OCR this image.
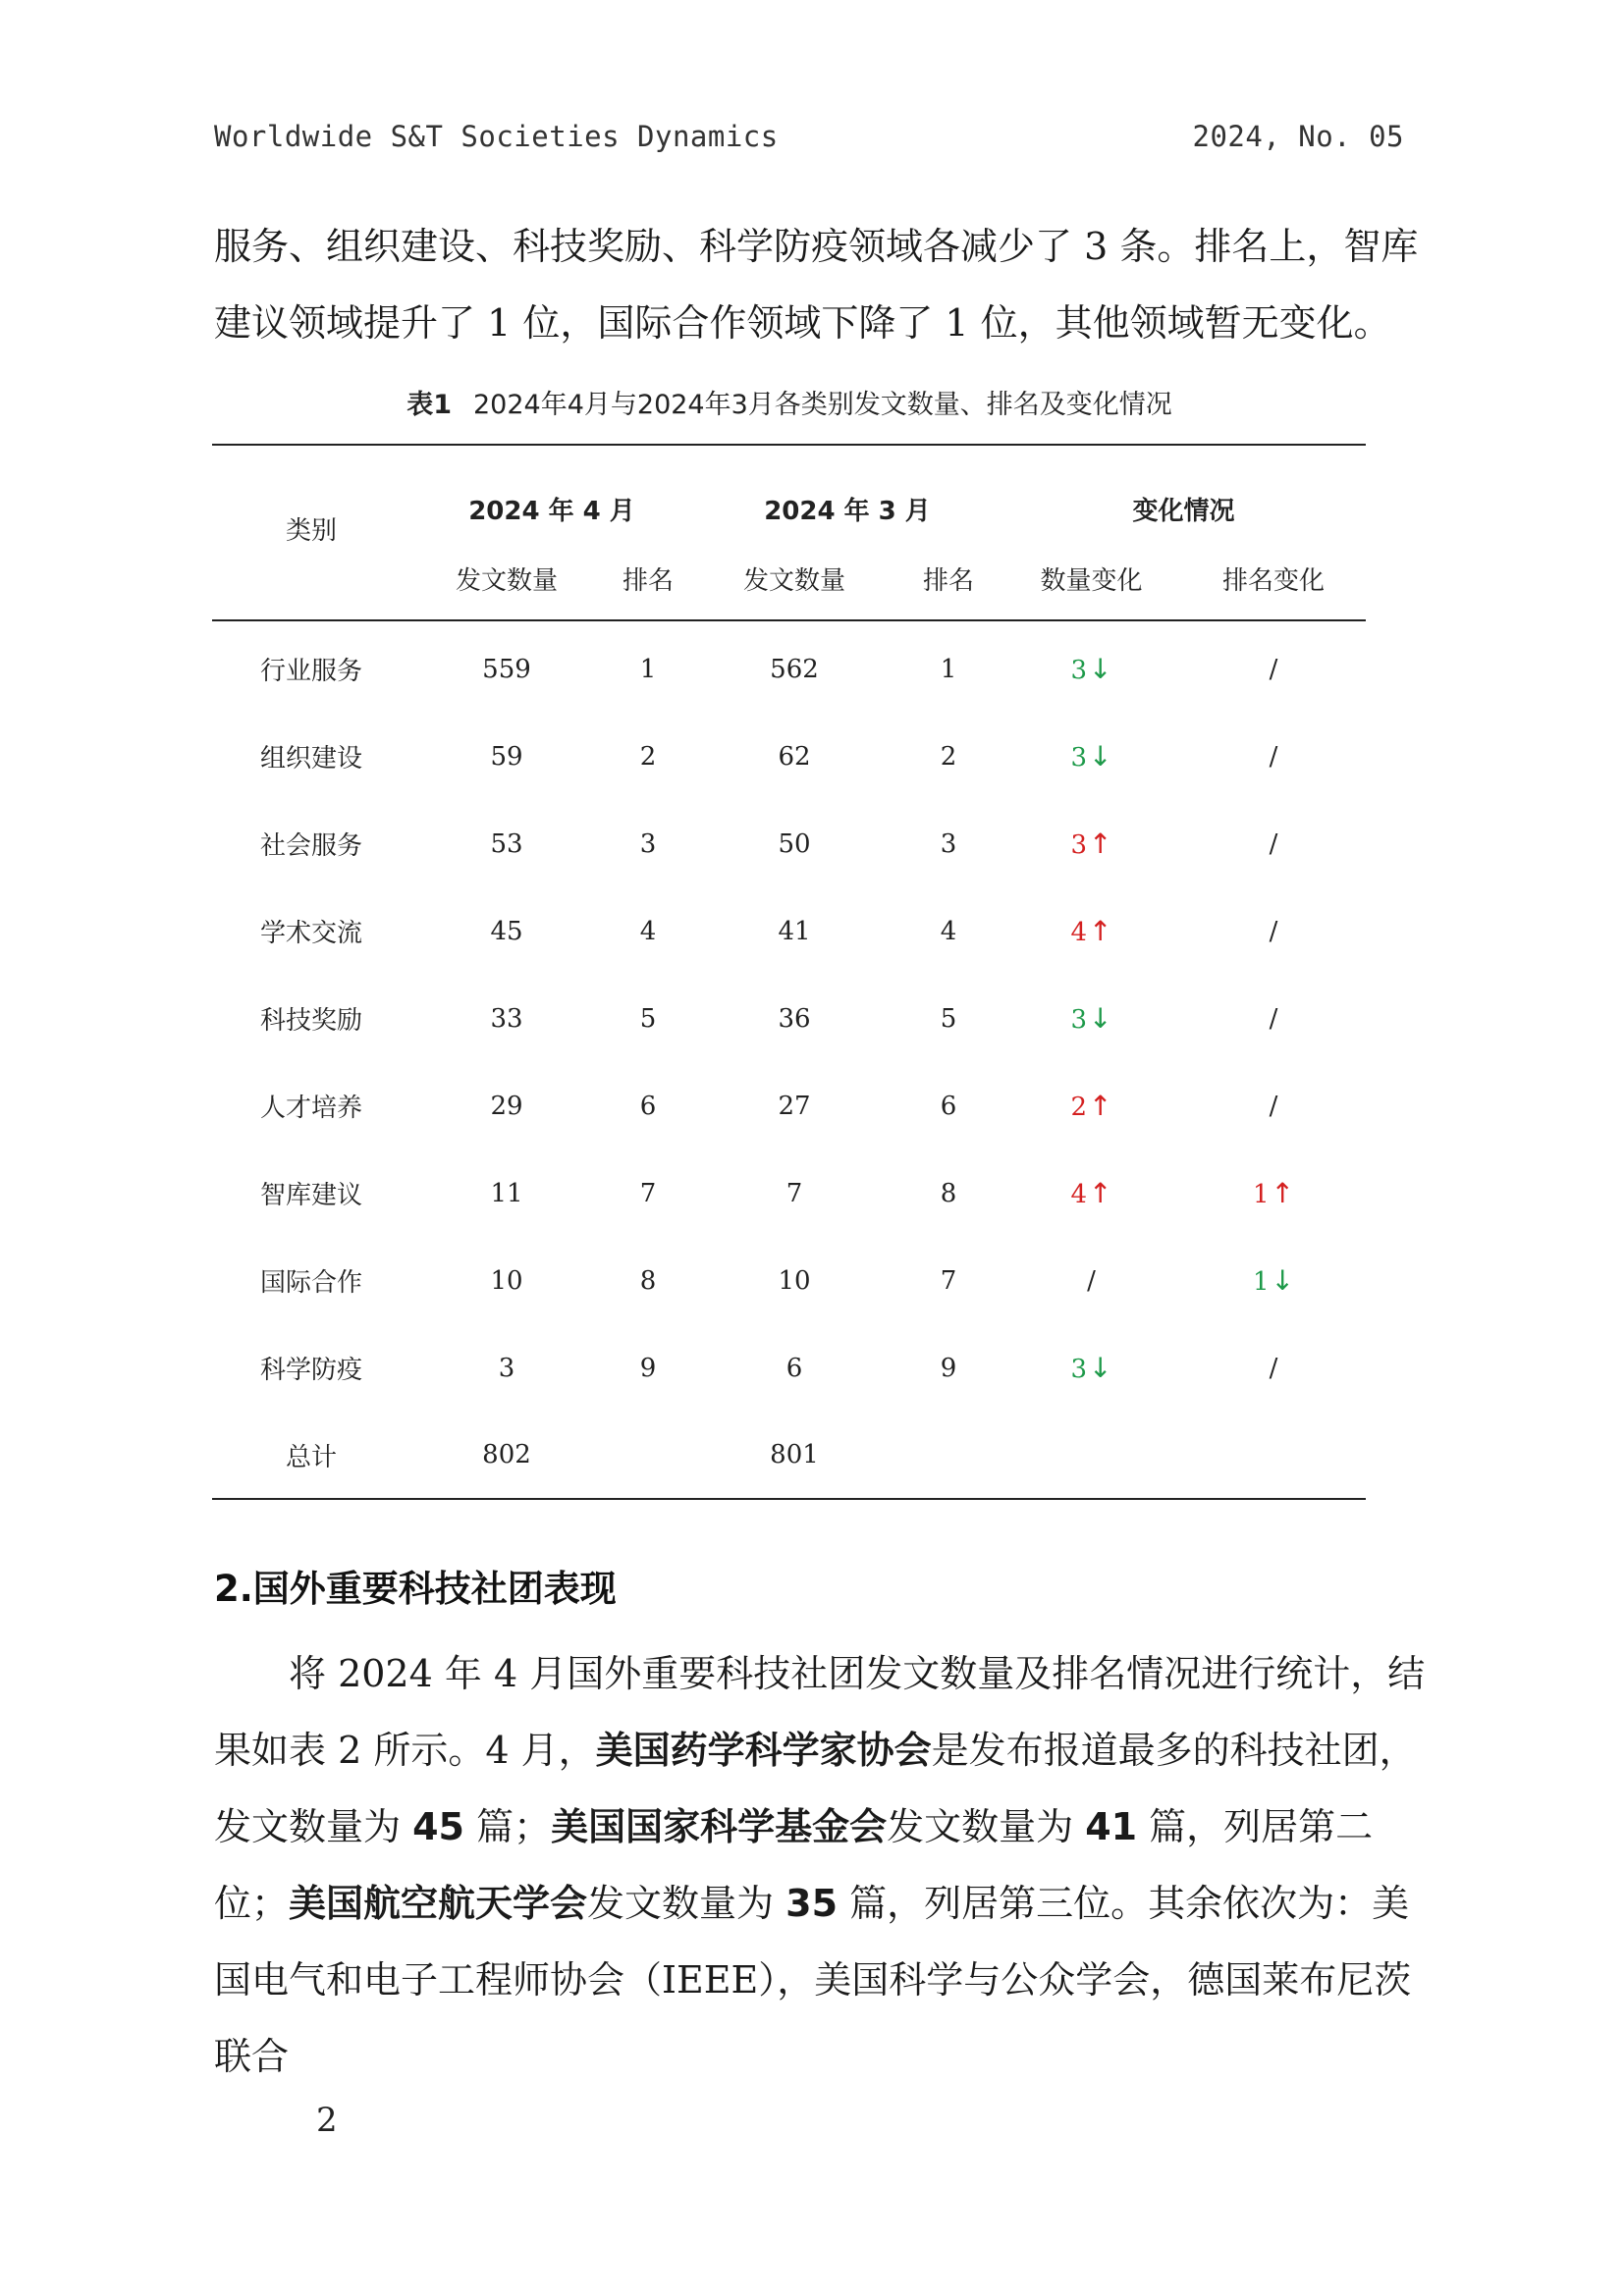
Worldwide S&T Societies Dynamics	2024, No. 05

服务、组织建设、科技奖励、科学防疫领域各减少了 3 条。排名上，智库建议领域提升了 1 位，国际合作领域下降了 1 位，其他领域暂无变化。

表1 2024年4月与2024年3月各类别发文数量、排名及变化情况
类别	2024 年 4 月		2024 年 3 月		变化情况	
	发文数量	排名	发文数量	排名	数量变化	排名变化
行业服务	559	1	562	1	3↓	/
组织建设	59	2	62	2	3↓	/
社会服务	53	3	50	3	3↑	/
学术交流	45	4	41	4	4↑	/
科技奖励	33	5	36	5	3↓	/
人才培养	29	6	27	6	2↑	/
智库建议	11	7	7	8	4↑	1↑
国际合作	10	8	10	7	/	1↓
科学防疫	3	9	6	9	3↓	/
总计	802		801			
2.国外重要科技社团表现

将 2024 年 4 月国外重要科技社团发文数量及排名情况进行统计，结果如表 2 所示。4 月，美国药学科学家协会是发布报道最多的科技社团，发文数量为 45 篇；美国国家科学基金会发文数量为 41 篇，列居第二位；美国航空航天学会发文数量为 35 篇，列居第三位。其余依次为：美国电气和电子工程师协会（IEEE），美国科学与公众学会，德国莱布尼茨联合

2
